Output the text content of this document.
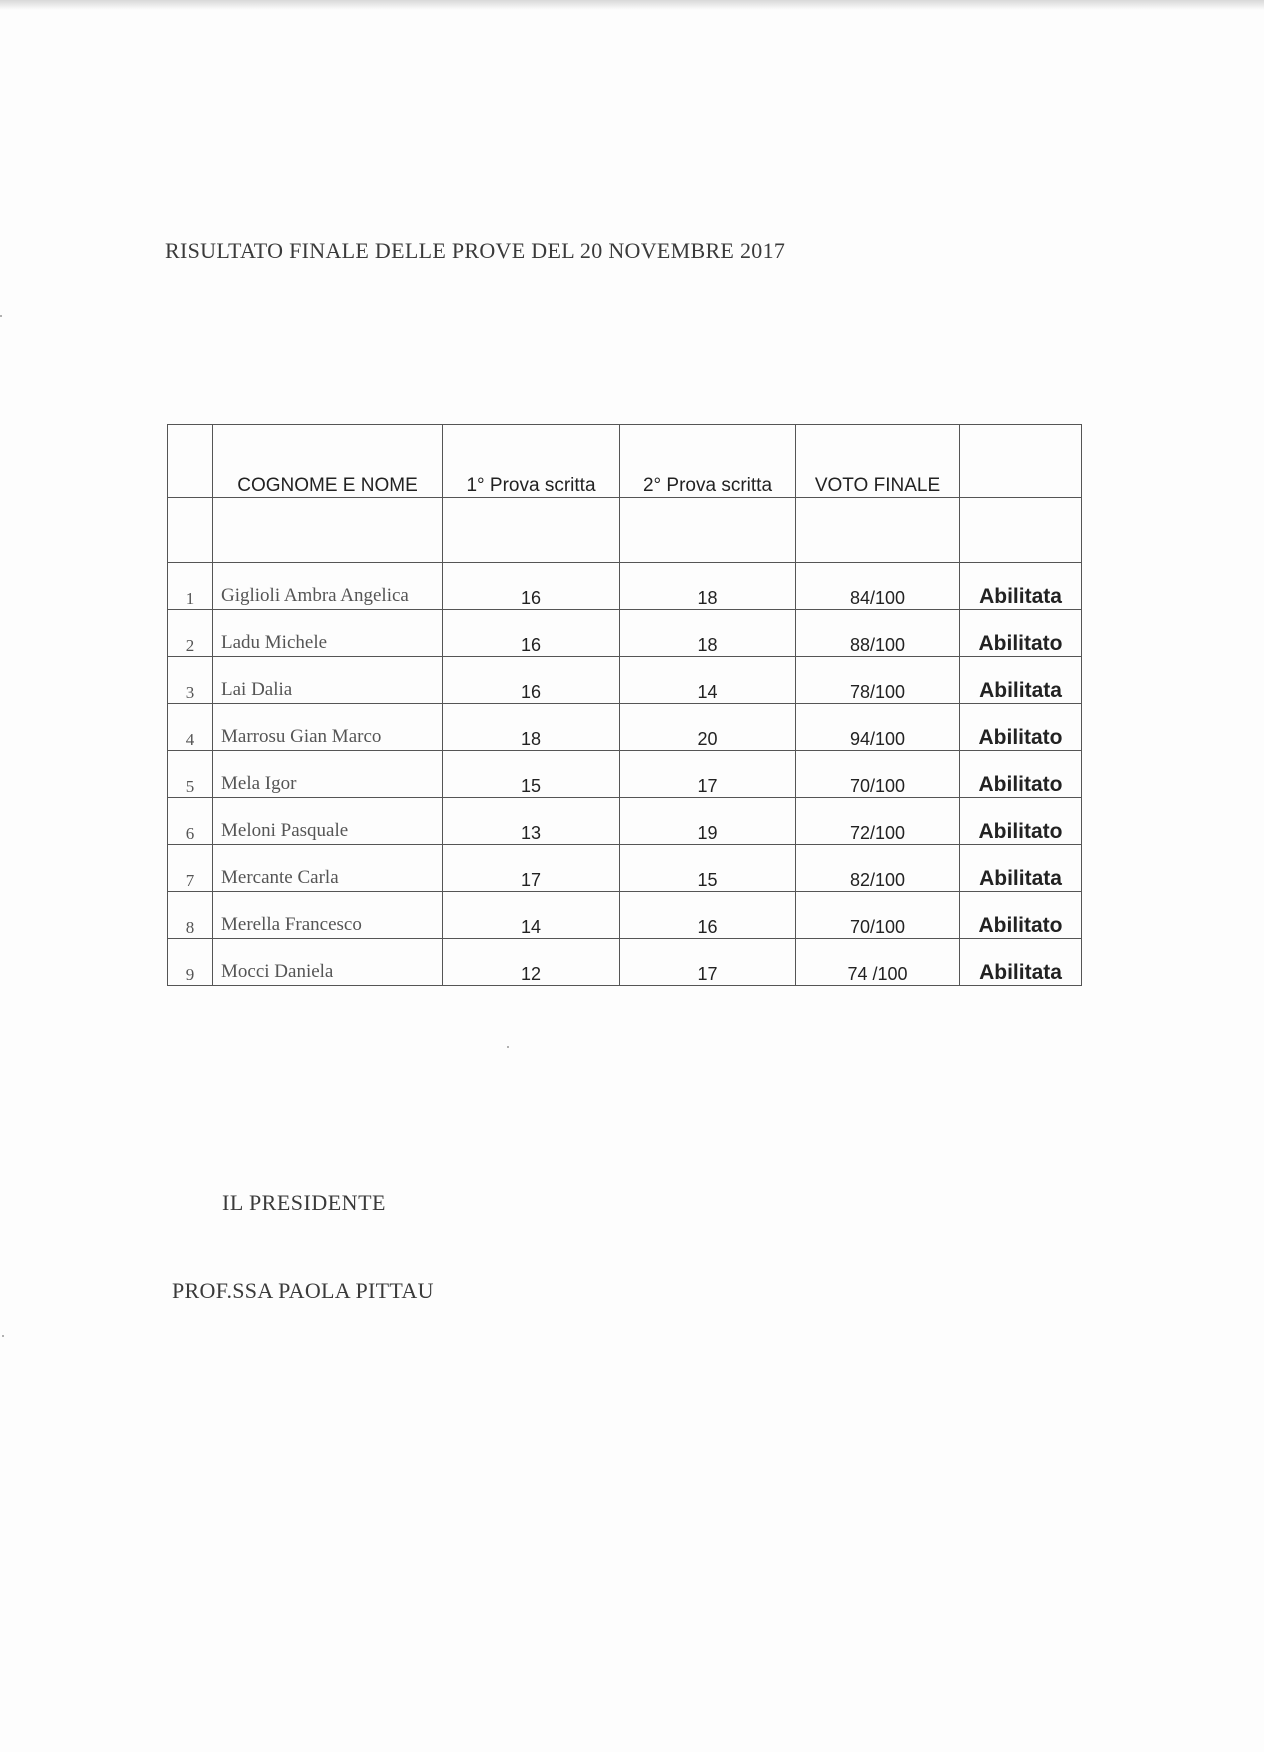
RISULTATO FINALE DELLE PROVE DEL 20 NOVEMBRE 2017
	COGNOME E NOME	1° Prova scritta	2° Prova scritta	VOTO FINALE	

1	Giglioli Ambra Angelica	16	18	84/100	Abilitata
2	Ladu Michele	16	18	88/100	Abilitato
3	Lai Dalia	16	14	78/100	Abilitata
4	Marrosu Gian Marco	18	20	94/100	Abilitato
5	Mela Igor	15	17	70/100	Abilitato
6	Meloni Pasquale	13	19	72/100	Abilitato
7	Mercante Carla	17	15	82/100	Abilitata
8	Merella Francesco	14	16	70/100	Abilitato
9	Mocci Daniela	12	17	74 /100	Abilitata
IL PRESIDENTE
PROF.SSA PAOLA PITTAU
